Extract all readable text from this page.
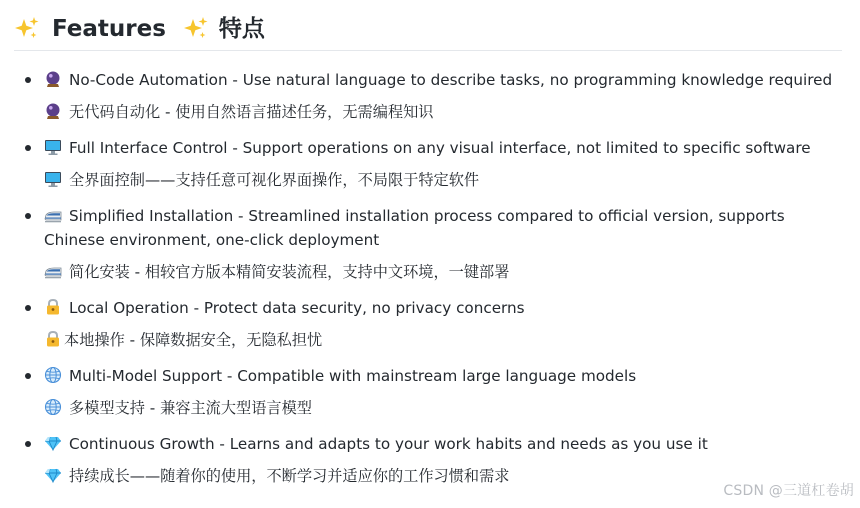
Features 特点
No-Code Automation - Use natural language to describe tasks, no programming knowledge required
无代码自动化 - 使用自然语言描述任务，无需编程知识
Full Interface Control - Support operations on any visual interface, not limited to specific software
全界面控制——支持任意可视化界面操作，不局限于特定软件
Simplified Installation - Streamlined installation process compared to official version, supports Chinese environment, one-click deployment
简化安装 - 相较官方版本精简安装流程，支持中文环境，一键部署
Local Operation - Protect data security, no privacy concerns
本地操作 - 保障数据安全，无隐私担忧
Multi-Model Support - Compatible with mainstream large language models
多模型支持 - 兼容主流大型语言模型
Continuous Growth - Learns and adapts to your work habits and needs as you use it
持续成长——随着你的使用，不断学习并适应你的工作习惯和需求
CSDN @三道杠卷胡
